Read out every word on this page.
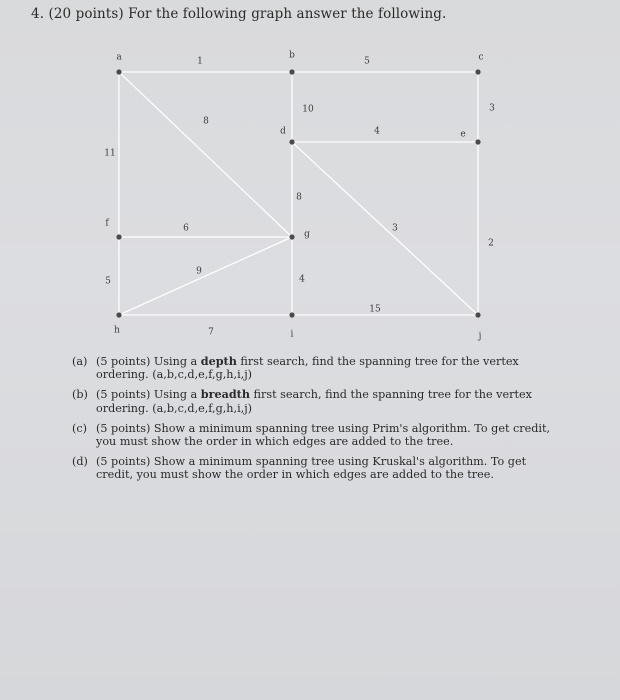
4. (20 points) For the following graph answer the following.
1	5
11
8
10	3
4
8
3
2
6
5
9
4
7
15
a	b	c
d	e
f
g
h	i	j
(a) (5 points) Using a depth first search, find the spanning tree for the vertex ordering. (a,b,c,d,e,f,g,h,i,j)
(b) (5 points) Using a breadth first search, find the spanning tree for the vertex ordering. (a,b,c,d,e,f,g,h,i,j)
(c) (5 points) Show a minimum spanning tree using Prim's algorithm. To get credit, you must show the order in which edges are added to the tree.
(d) (5 points) Show a minimum spanning tree using Kruskal's algorithm. To get credit, you must show the order in which edges are added to the tree.
